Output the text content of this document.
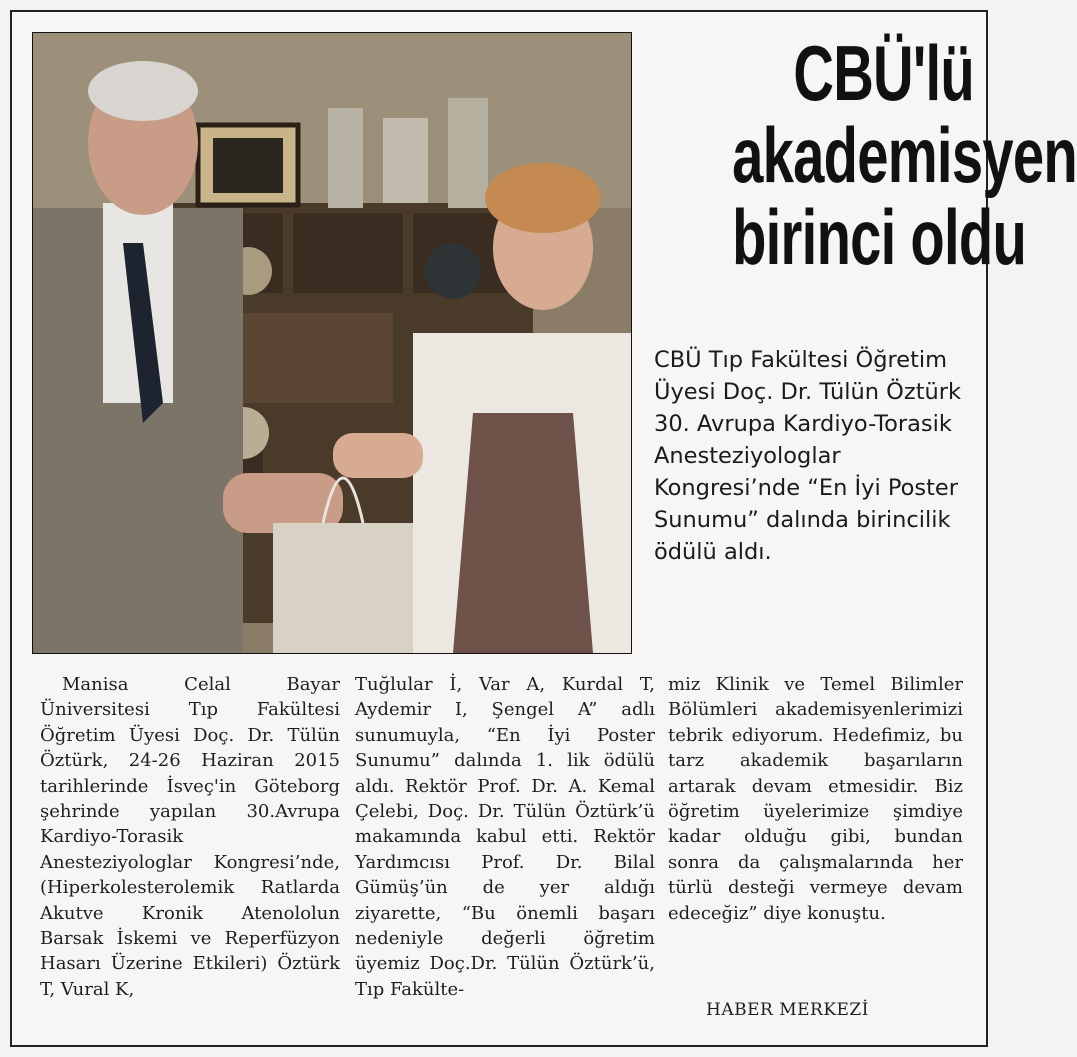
CBÜ'lü
akademisyen
birinci oldu
CBÜ Tıp Fakültesi Öğretim Üyesi Doç. Dr. Tülün Öztürk 30. Avrupa Kardiyo-Torasik Anesteziyologlar Kongresi’nde “En İyi Poster Sunumu” dalında birincilik ödülü aldı.
Manisa Celal Bayar Üniversitesi Tıp Fakültesi Öğretim Üyesi Doç. Dr. Tülün Öztürk, 24-26 Haziran 2015 tarihlerinde İsveç'in Göteborg şehrinde yapılan 30.Avrupa Kardiyo-Torasik Anesteziyologlar Kongresi’nde, (Hiperkolesterolemik Ratlarda Akutve Kronik Atenololun Barsak İskemi ve Reperfüzyon Hasarı Üzerine Etkileri) Öztürk T, Vural K,
Tuğlular İ, Var A, Kurdal T, Aydemir I, Şengel A” adlı sunumuyla, “En İyi Poster Sunumu” dalında 1. lik ödülü aldı. Rektör Prof. Dr. A. Kemal Çelebi, Doç. Dr. Tülün Öztürk’ü makamında kabul etti. Rektör Yardımcısı Prof. Dr. Bilal Gümüş’ün de yer aldığı ziyarette, “Bu önemli başarı nedeniyle değerli öğretim üyemiz Doç.Dr. Tülün Öztürk’ü, Tıp Fakülte-
miz Klinik ve Temel Bilimler Bölümleri akademisyenlerimizi tebrik ediyorum. Hedefimiz, bu tarz akademik başarıların artarak devam etmesidir. Biz öğretim üyelerimize şimdiye kadar olduğu gibi, bundan sonra da çalışmalarında her türlü desteği vermeye devam edeceğiz” diye konuştu.
HABER MERKEZİ
